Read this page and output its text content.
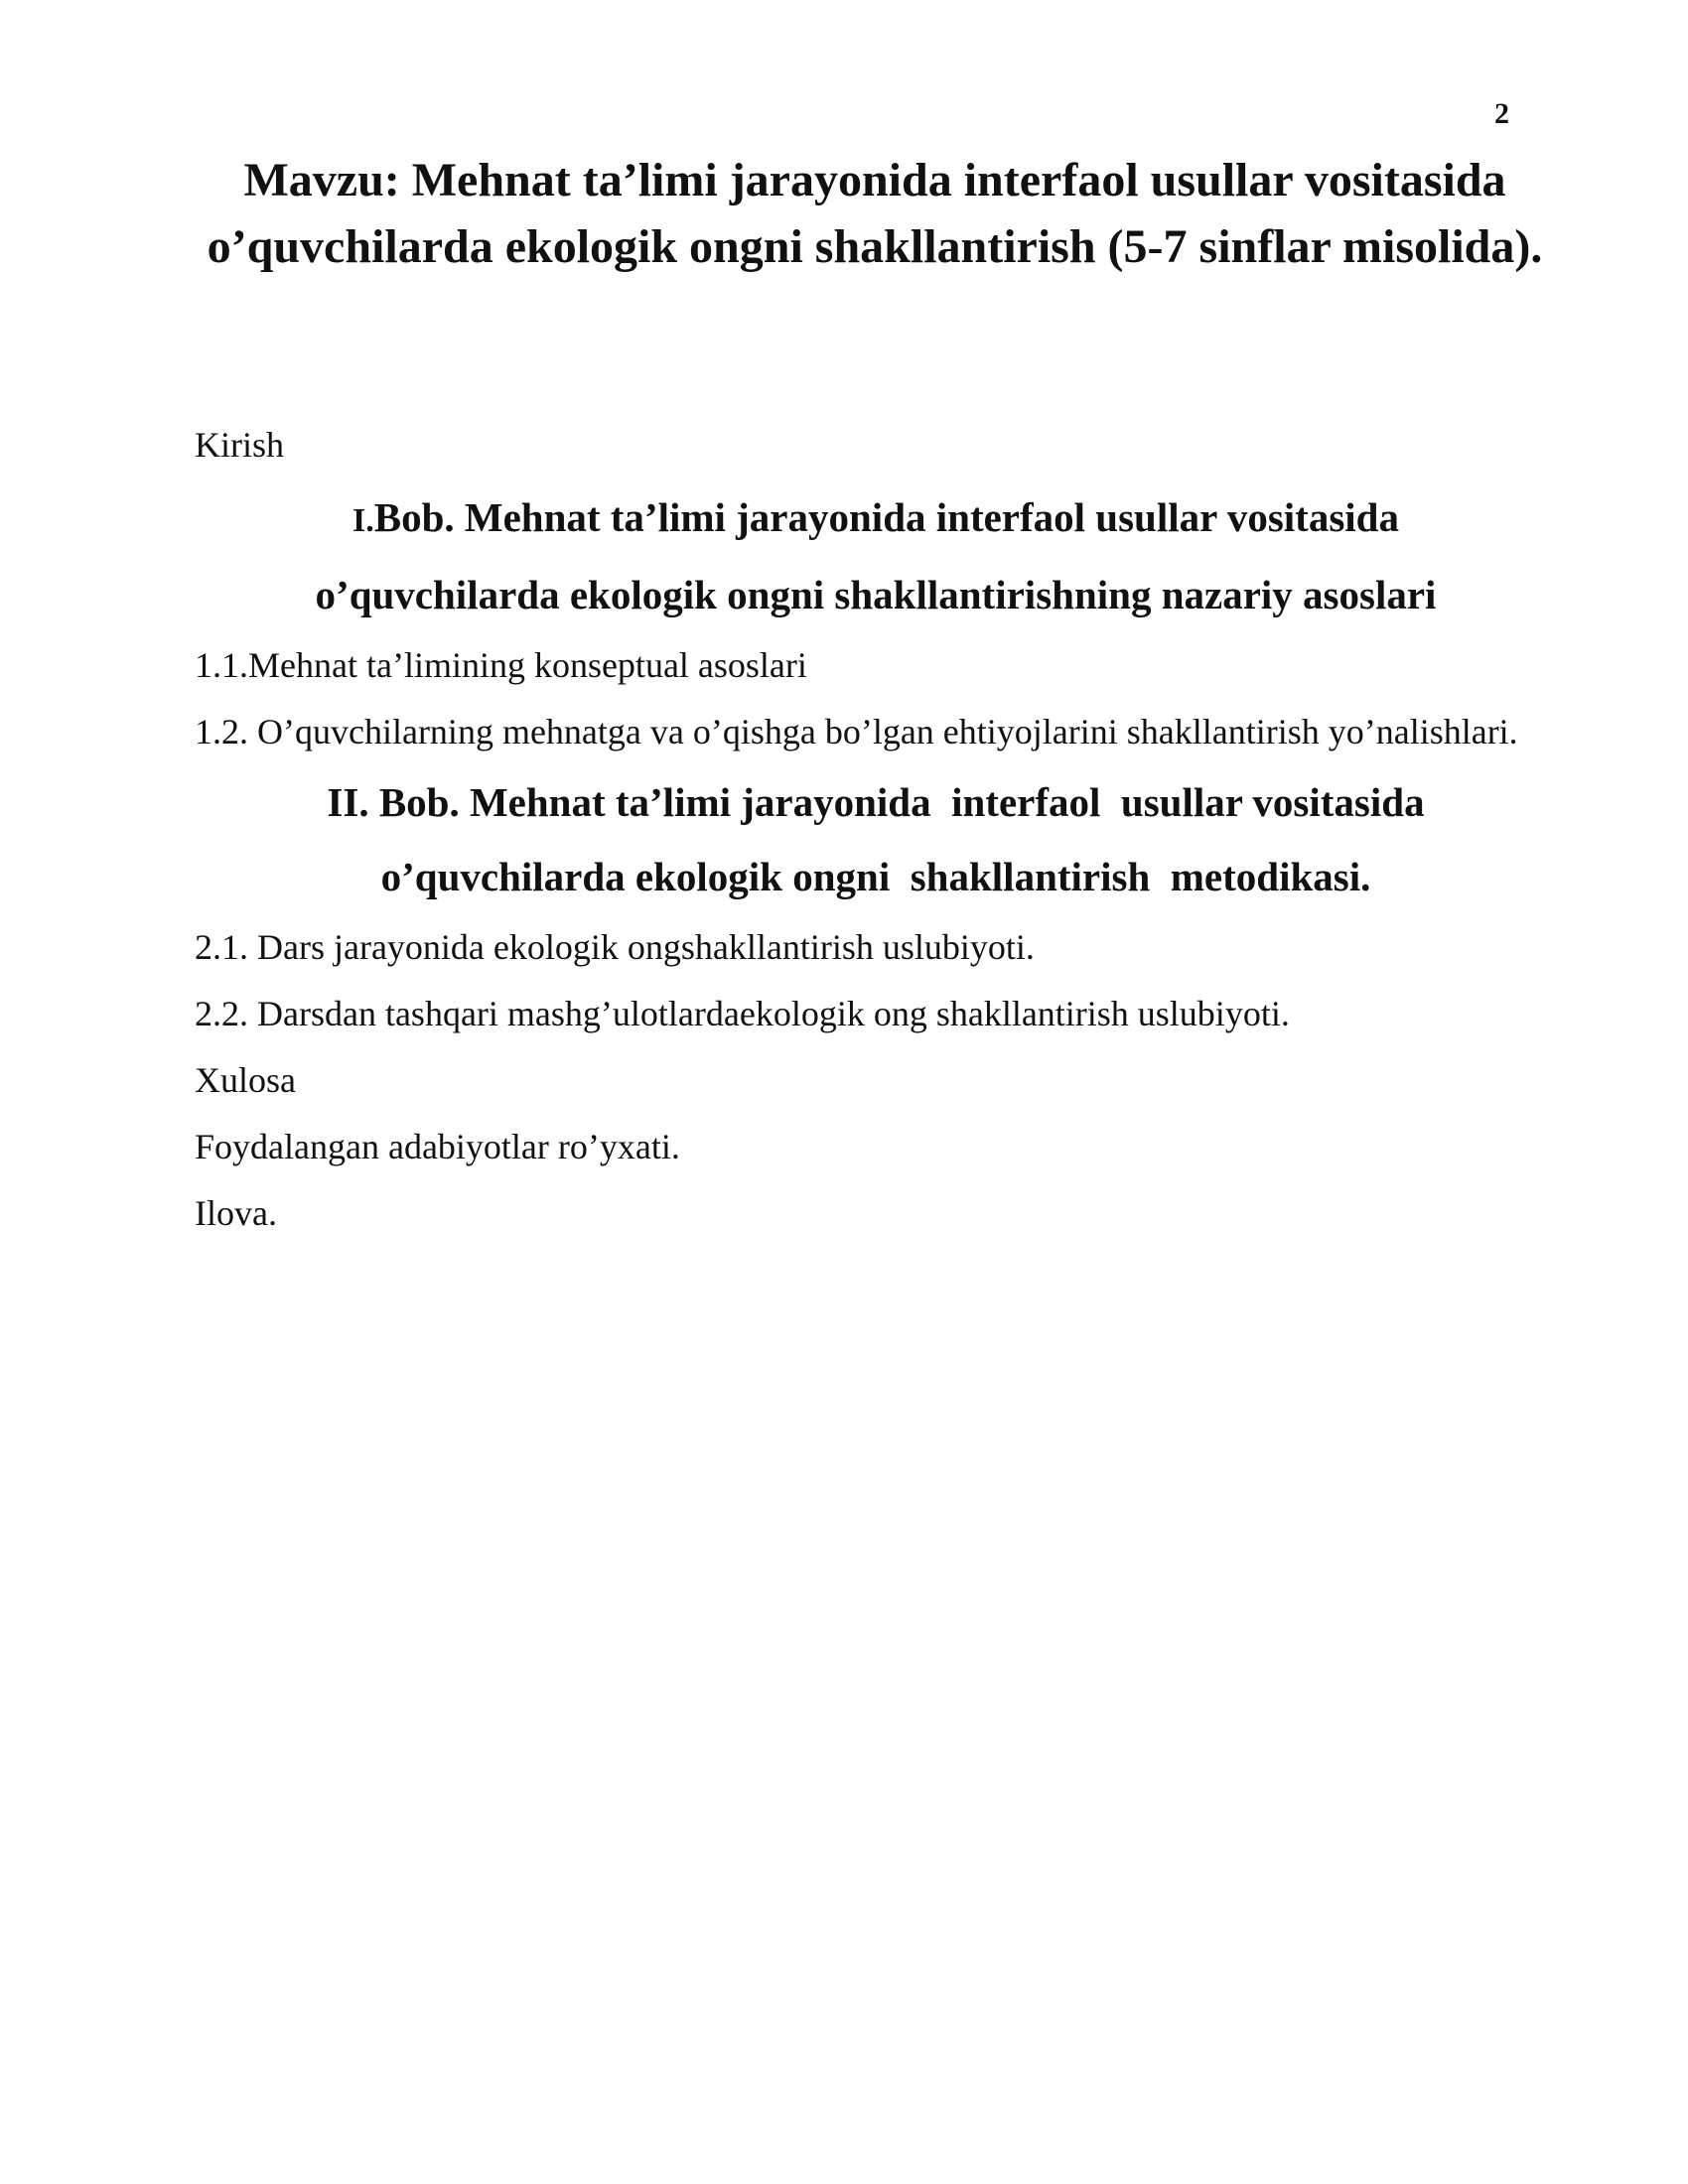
2
Mavzu: Mehnat ta’limi jarayonida interfaol usullar vositasida o’quvchilarda ekologik ongni shakllantirish (5-7 sinflar misolida).

Kirish

I.Bob. Mehnat ta’limi jarayonida interfaol usullar vositasida

o’quvchilarda ekologik ongni shakllantirishning nazariy asoslari

1.1.Mehnat ta’limining konseptual asoslari

1.2. O’quvchilarning mehnatga va o’qishga bo’lgan ehtiyojlarini shakllantirish yo’nalishlari.

II. Bob. Mehnat ta’limi jarayonida  interfaol  usullar vositasida

o’quvchilarda ekologik ongni  shakllantirish  metodikasi.

2.1. Dars jarayonida ekologik ongshakllantirish uslubiyoti.

2.2. Darsdan tashqari mashg’ulotlardaekologik ong shakllantirish uslubiyoti.

Xulosa

Foydalangan adabiyotlar ro’yxati.

Ilova.
